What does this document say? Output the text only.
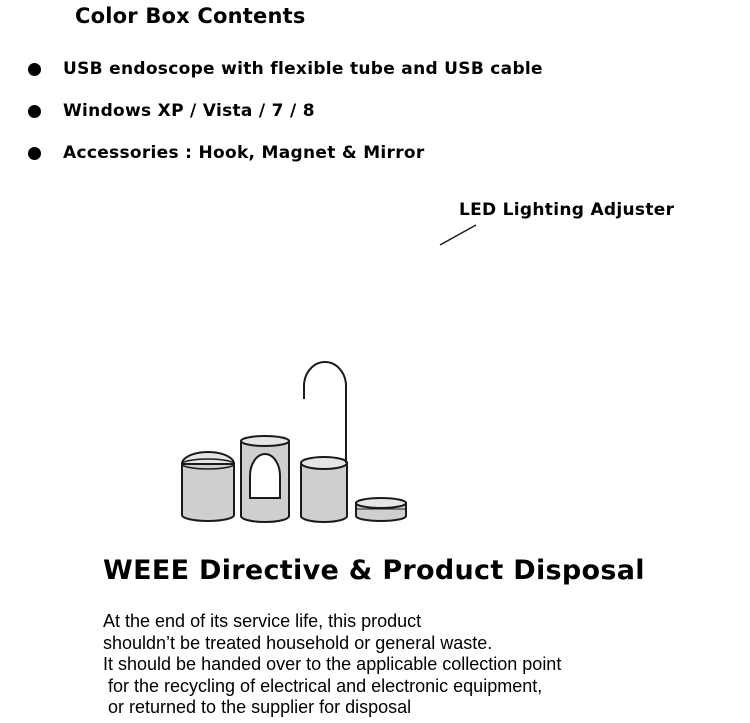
Color Box Contents
USB endoscope with flexible tube and USB cable
Windows XP / Vista / 7 / 8
Accessories : Hook, Magnet & Mirror
LED Lighting Adjuster
WEEE Directive & Product Disposal
At the end of its service life, this product
shouldn’t be treated household or general waste.
It should be handed over to the applicable collection point
for the recycling of electrical and electronic equipment,
or returned to the supplier for disposal
